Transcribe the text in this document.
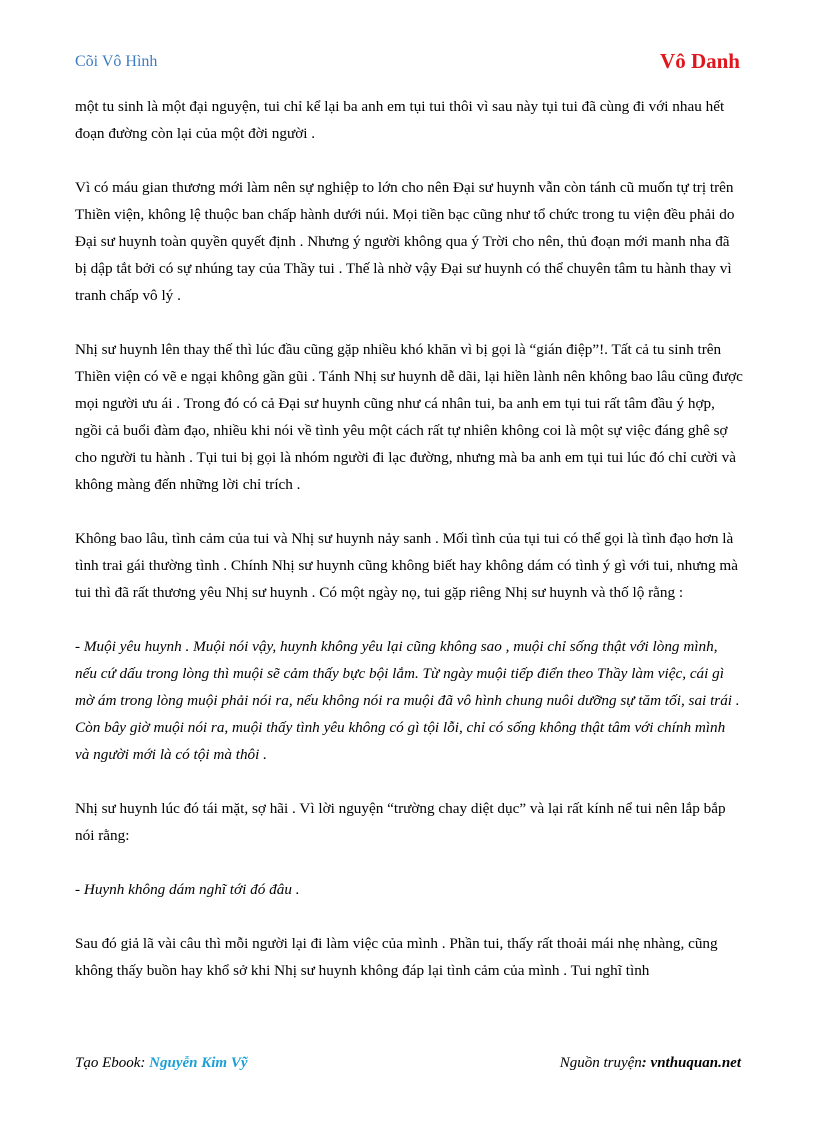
Cõi Vô Hình	Vô Danh

một tu sinh là một đại nguyện, tui chỉ kể lại ba anh em tụi tui thôi vì sau này tụi tui đã cùng đi với nhau hết đoạn đường còn lại của một đời người .

Vì có máu gian thương mới làm nên sự nghiệp to lớn cho nên Đại sư huynh vẫn còn tánh cũ muốn tự trị trên Thiền viện, không lệ thuộc ban chấp hành dưới núi. Mọi tiền bạc cũng như tổ chức trong tu viện đều phải do Đại sư huynh toàn quyền quyết định . Nhưng ý người không qua ý Trời cho nên, thủ đoạn mới manh nha đã bị dập tắt bởi có sự nhúng tay của Thầy tui . Thế là nhờ vậy Đại sư huynh có thể chuyên tâm tu hành thay vì tranh chấp vô lý .

Nhị sư huynh lên thay thế thì lúc đầu cũng gặp nhiều khó khăn vì bị gọi là “gián điệp”!. Tất cả tu sinh trên Thiền viện có vẽ e ngại không gần gũi . Tánh Nhị sư huynh dễ dãi, lại hiền lành nên không bao lâu cũng được mọi người ưu ái . Trong đó có cả Đại sư huynh cũng như cá nhân tui, ba anh em tụi tui rất tâm đầu ý hợp, ngồi cả buổi đàm đạo, nhiều khi nói về tình yêu một cách rất tự nhiên không coi là một sự việc đáng ghê sợ cho người tu hành . Tụi tui bị gọi là nhóm người đi lạc đường, nhưng mà ba anh em tụi tui lúc đó chỉ cười và không màng đến những lời chỉ trích .

Không bao lâu, tình cảm của tui và Nhị sư huynh nảy sanh . Mối tình của tụi tui có thể gọi là tình đạo hơn là tình trai gái thường tình . Chính Nhị sư huynh cũng không biết hay không dám có tình ý gì với tui, nhưng mà tui thì đã rất thương yêu Nhị sư huynh . Có một ngày nọ, tui gặp riêng Nhị sư huynh và thố lộ rằng :

- Muội yêu huynh . Muội nói vậy, huynh không yêu lại cũng không sao , muội chỉ sống thật với lòng mình, nếu cứ dấu trong lòng thì muội sẽ cảm thấy bực bội lắm. Từ ngày muội tiếp điển theo Thầy làm việc, cái gì mờ ám trong lòng muội phải nói ra, nếu không nói ra muội đã vô hình chung nuôi dưỡng sự tăm tối, sai trái . Còn bây giờ muội nói ra, muội thấy tình yêu không có gì tội lỗi, chỉ có sống không thật tâm với chính mình và người mới là có tội mà thôi .

Nhị sư huynh lúc đó tái mặt, sợ hãi . Vì lời nguyện “trường chay diệt dục” và lại rất kính nể tui nên lắp bắp nói rằng:

- Huynh không dám nghĩ tới đó đâu .

Sau đó giả lã vài câu thì mỗi người lại đi làm việc của mình . Phần tui, thấy rất thoải mái nhẹ nhàng, cũng không thấy buồn hay khổ sở khi Nhị sư huynh không đáp lại tình cảm của mình . Tui nghĩ tình

Tạo Ebook: Nguyễn Kim Vỹ	Nguồn truyện: vnthuquan.net
